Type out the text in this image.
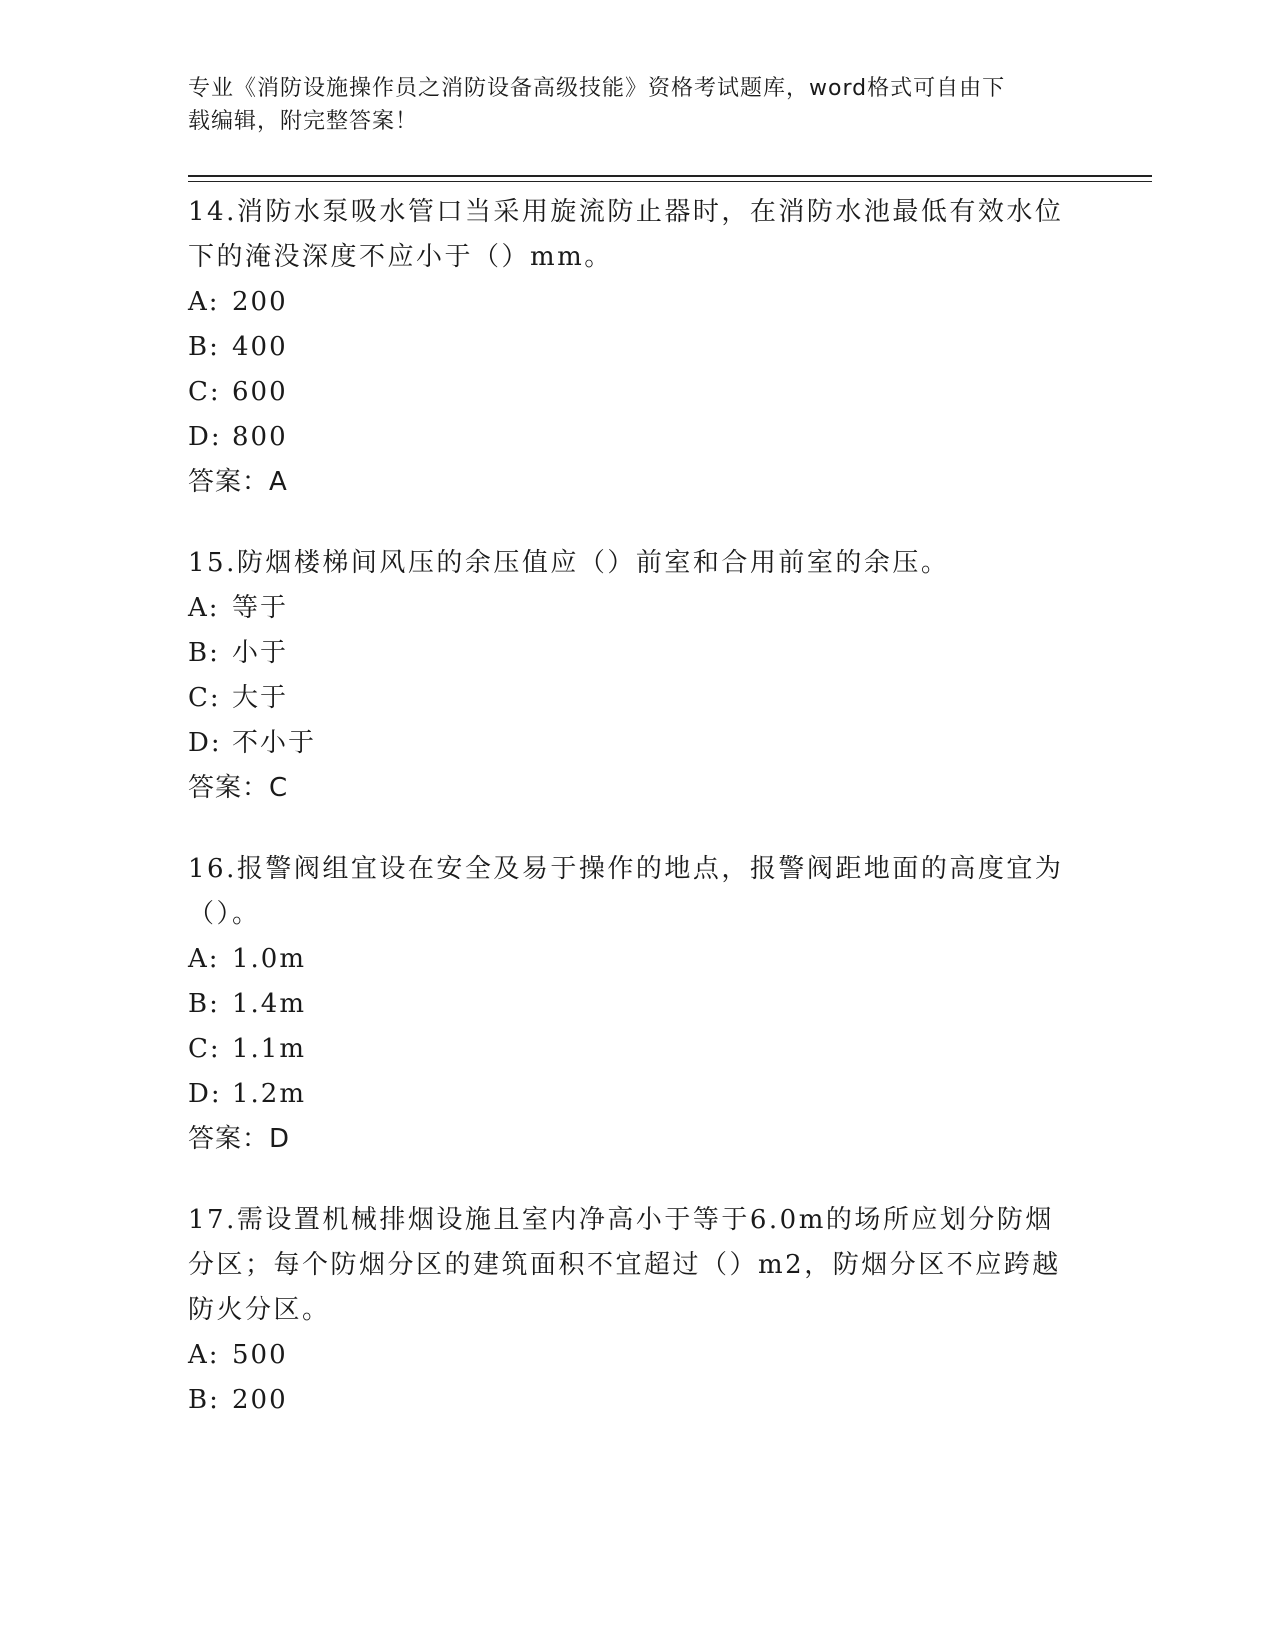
专业《消防设施操作员之消防设备高级技能》资格考试题库，word格式可自由下
载编辑，附完整答案！
14.消防水泵吸水管口当采用旋流防止器时，在消防水池最低有效水位
下的淹没深度不应小于（）mm。
A: 200
B: 400
C: 600
D: 800
答案：A
15.防烟楼梯间风压的余压值应（）前室和合用前室的余压。
A: 等于
B: 小于
C: 大于
D: 不小于
答案：C
16.报警阀组宜设在安全及易于操作的地点，报警阀距地面的高度宜为
（）。
A: 1.0m
B: 1.4m
C: 1.1m
D: 1.2m
答案：D
17.需设置机械排烟设施且室内净高小于等于6.0m的场所应划分防烟
分区；每个防烟分区的建筑面积不宜超过（）m2，防烟分区不应跨越
防火分区。
A: 500
B: 200
